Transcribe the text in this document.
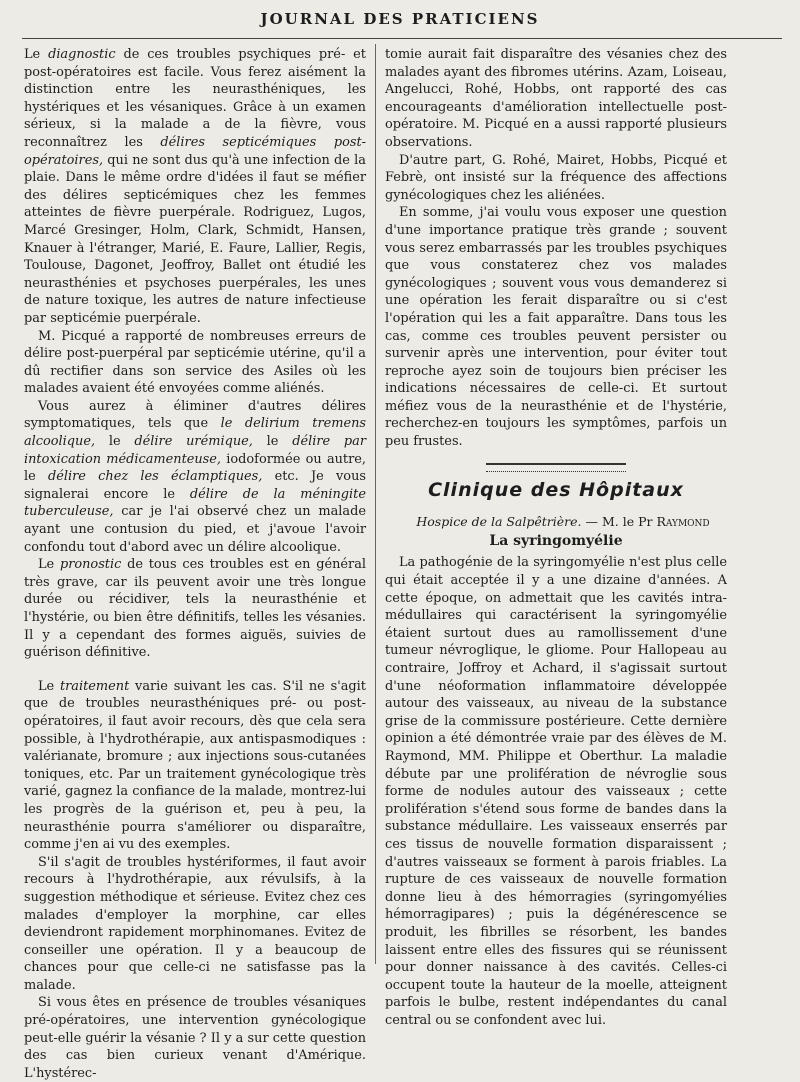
JOURNAL DES PRATICIENS

Le diagnostic de ces troubles psychiques pré- et post-opératoires est facile. Vous ferez aisément la distinction entre les neurasthéniques, les hystériques et les vésaniques. Grâce à un examen sérieux, si la malade a de la fièvre, vous reconnaîtrez les délires septicémiques post-opératoires, qui ne sont dus qu'à une infection de la plaie. Dans le même ordre d'idées il faut se méfier des délires septicémiques chez les femmes atteintes de fièvre puerpérale. Rodriguez, Lugos, Marcé Gresinger, Holm, Clark, Schmidt, Hansen, Knauer à l'étranger, Marié, E. Faure, Lallier, Regis, Toulouse, Dagonet, Jeoffroy, Ballet ont étudié les neurasthénies et psychoses puerpérales, les unes de nature toxique, les autres de nature infectieuse par septicémie puerpérale.

M. Picqué a rapporté de nombreuses erreurs de délire post-puerpéral par septicémie utérine, qu'il a dû rectifier dans son service des Asiles où les malades avaient été envoyées comme aliénés.

Vous aurez à éliminer d'autres délires symptomatiques, tels que le delirium tremens alcoolique, le délire urémique, le délire par intoxication médicamenteuse, iodoformée ou autre, le délire chez les éclamptiques, etc. Je vous signalerai encore le délire de la méningite tuberculeuse, car je l'ai observé chez un malade ayant une contusion du pied, et j'avoue l'avoir confondu tout d'abord avec un délire alcoolique.

Le pronostic de tous ces troubles est en général très grave, car ils peuvent avoir une très longue durée ou récidiver, tels la neurasthénie et l'hystérie, ou bien être définitifs, telles les vésanies. Il y a cependant des formes aiguës, suivies de guérison définitive.

Le traitement varie suivant les cas. S'il ne s'agit que de troubles neurasthéniques pré- ou post-opératoires, il faut avoir recours, dès que cela sera possible, à l'hydrothérapie, aux antispasmodiques : valérianate, bromure ; aux injections sous-cutanées toniques, etc. Par un traitement gynécologique très varié, gagnez la confiance de la malade, montrez-lui les progrès de la guérison et, peu à peu, la neurasthénie pourra s'améliorer ou disparaître, comme j'en ai vu des exemples.

S'il s'agit de troubles hystériformes, il faut avoir recours à l'hydrothérapie, aux révulsifs, à la suggestion méthodique et sérieuse. Evitez chez ces malades d'employer la morphine, car elles deviendront rapidement morphinomanes. Evitez de conseiller une opération. Il y a beaucoup de chances pour que celle-ci ne satisfasse pas la malade.

Si vous êtes en présence de troubles vésaniques pré-opératoires, une intervention gynécologique peut-elle guérir la vésanie ? Il y a sur cette question des cas bien curieux venant d'Amérique. L'hystérec-

tomie aurait fait disparaître des vésanies chez des malades ayant des fibromes utérins. Azam, Loiseau, Angelucci, Rohé, Hobbs, ont rapporté des cas encourageants d'amélioration intellectuelle post-opératoire. M. Picqué en a aussi rapporté plusieurs observations.

D'autre part, G. Rohé, Mairet, Hobbs, Picqué et Febrè, ont insisté sur la fréquence des affections gynécologiques chez les aliénées.

En somme, j'ai voulu vous exposer une question d'une importance pratique très grande ; souvent vous serez embarrassés par les troubles psychiques que vous constaterez chez vos malades gynécologiques ; souvent vous vous demanderez si une opération les ferait disparaître ou si c'est l'opération qui les a fait apparaître. Dans tous les cas, comme ces troubles peuvent persister ou survenir après une intervention, pour éviter tout reproche ayez soin de toujours bien préciser les indications nécessaires de celle-ci. Et surtout méfiez vous de la neurasthénie et de l'hystérie, recherchez-en toujours les symptômes, parfois un peu frustes.

Clinique des Hôpitaux

Hospice de la Salpêtrière. — M. le Pr Raymond

La syringomyélie

La pathogénie de la syringomyélie n'est plus celle qui était acceptée il y a une dizaine d'années. A cette époque, on admettait que les cavités intra-médullaires qui caractérisent la syringomyélie étaient surtout dues au ramollissement d'une tumeur névroglique, le gliome. Pour Hallopeau au contraire, Joffroy et Achard, il s'agissait surtout d'une néoformation inflammatoire développée autour des vaisseaux, au niveau de la substance grise de la commissure postérieure. Cette dernière opinion a été démontrée vraie par des élèves de M. Raymond, MM. Philippe et Oberthur. La maladie débute par une prolifération de névroglie sous forme de nodules autour des vaisseaux ; cette prolifération s'étend sous forme de bandes dans la substance médullaire. Les vaisseaux enserrés par ces tissus de nouvelle formation disparaissent ; d'autres vaisseaux se forment à parois friables. La rupture de ces vaisseaux de nouvelle formation donne lieu à des hémorragies (syringomyélies hémorragipares) ; puis la dégénérescence se produit, les fibrilles se résorbent, les bandes laissent entre elles des fissures qui se réunissent pour donner naissance à des cavités. Celles-ci occupent toute la hauteur de la moelle, atteignent parfois le bulbe, restent indépendantes du canal central ou se confondent avec lui.
